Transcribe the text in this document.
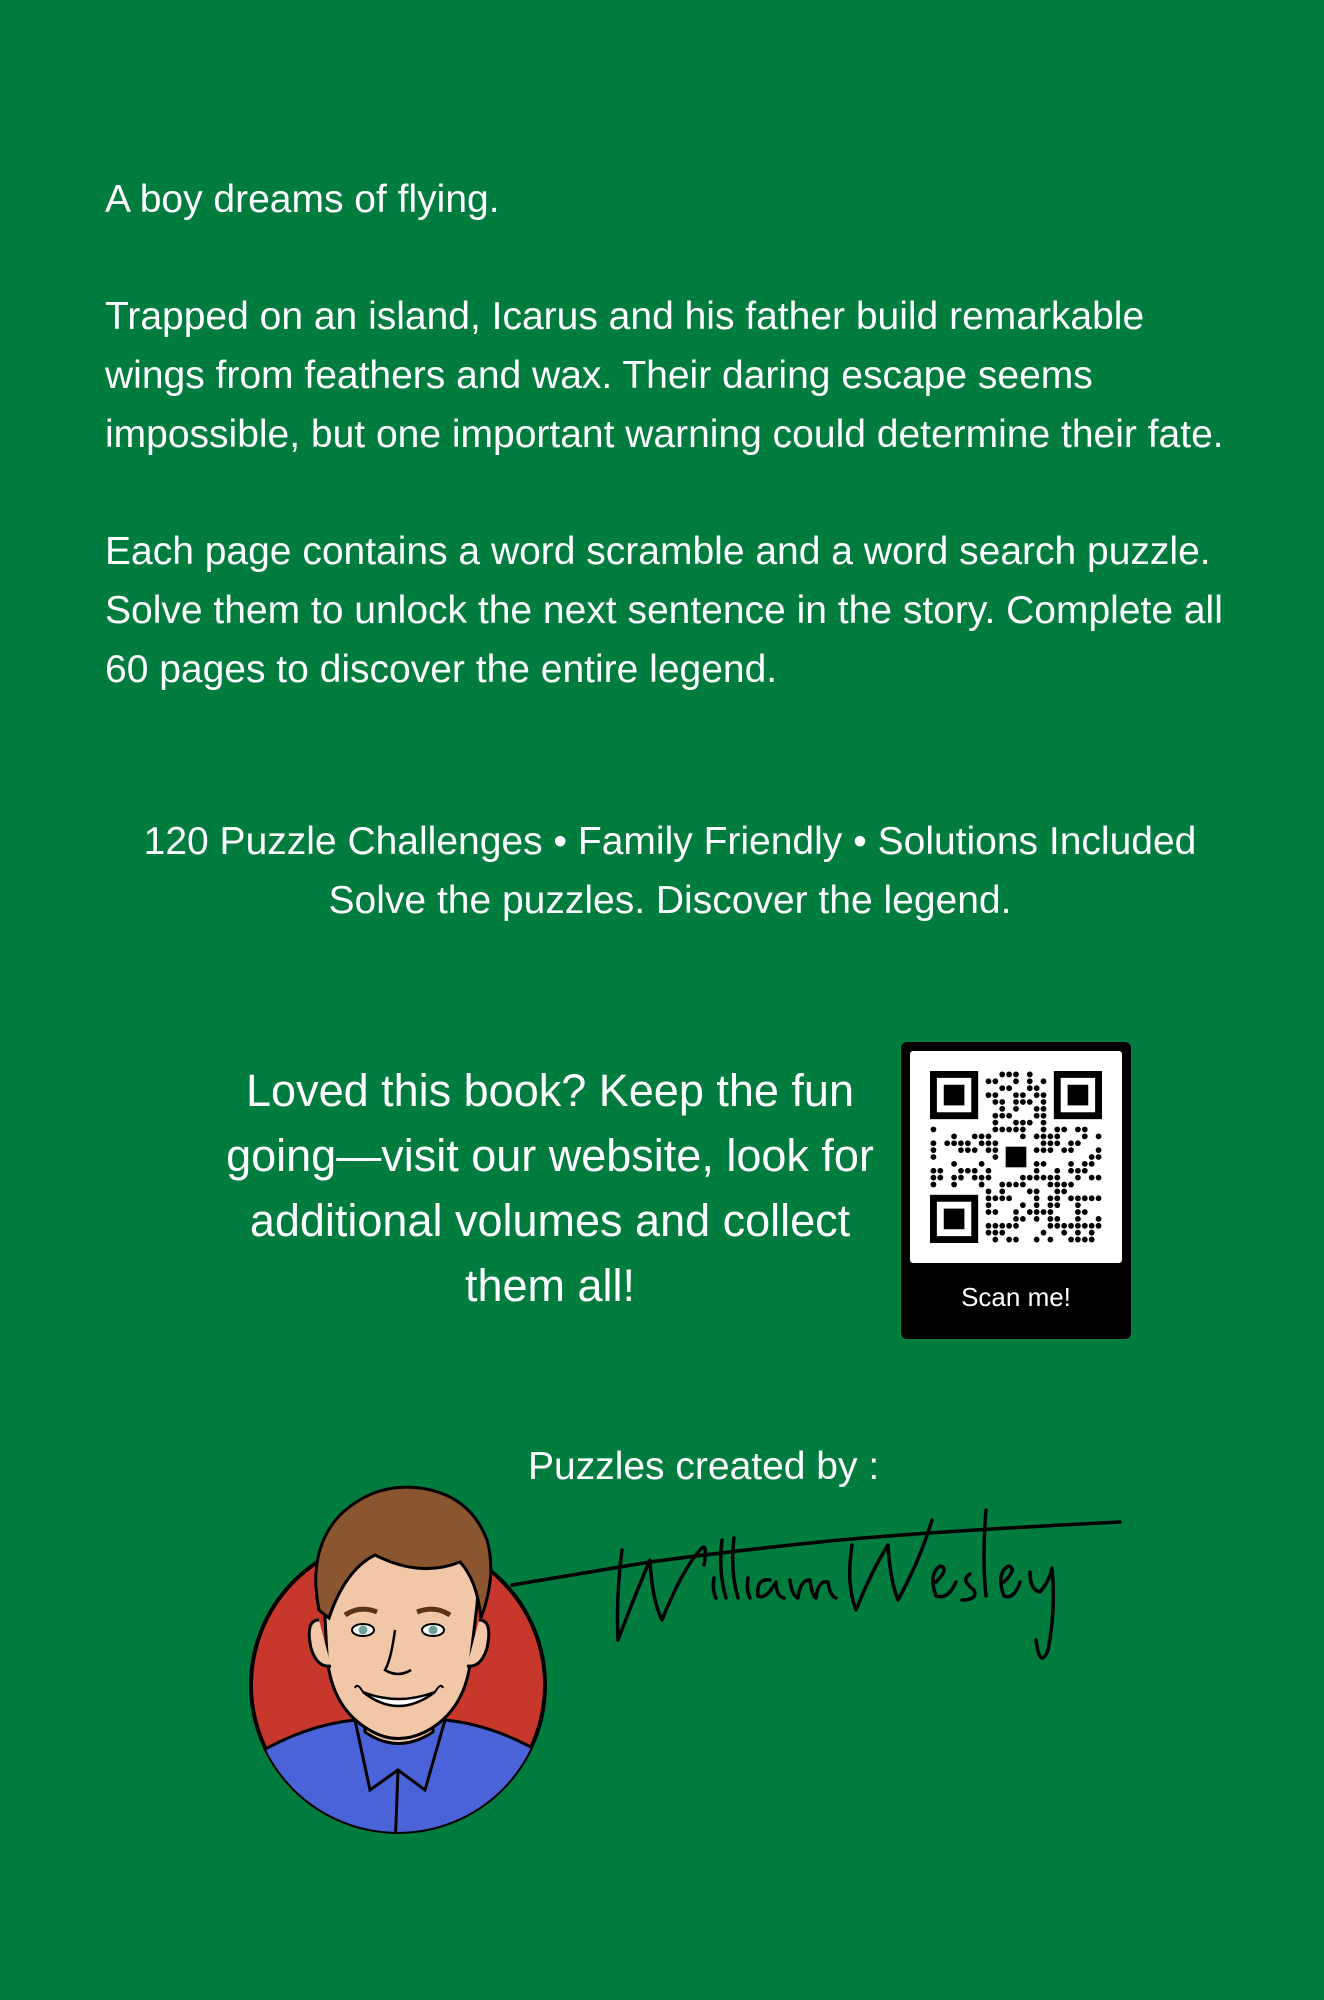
A boy dreams of flying.

Trapped on an island, Icarus and his father build remarkable wings from feathers and wax. Their daring escape seems impossible, but one important warning could determine their fate.

Each page contains a word scramble and a word search puzzle. Solve them to unlock the next sentence in the story. Complete all 60 pages to discover the entire legend.

120 Puzzle Challenges • Family Friendly • Solutions Included
Solve the puzzles. Discover the legend.
Loved this book? Keep the fun going—visit our website, look for additional volumes and collect them all!	Scan me!
Puzzles created by :
